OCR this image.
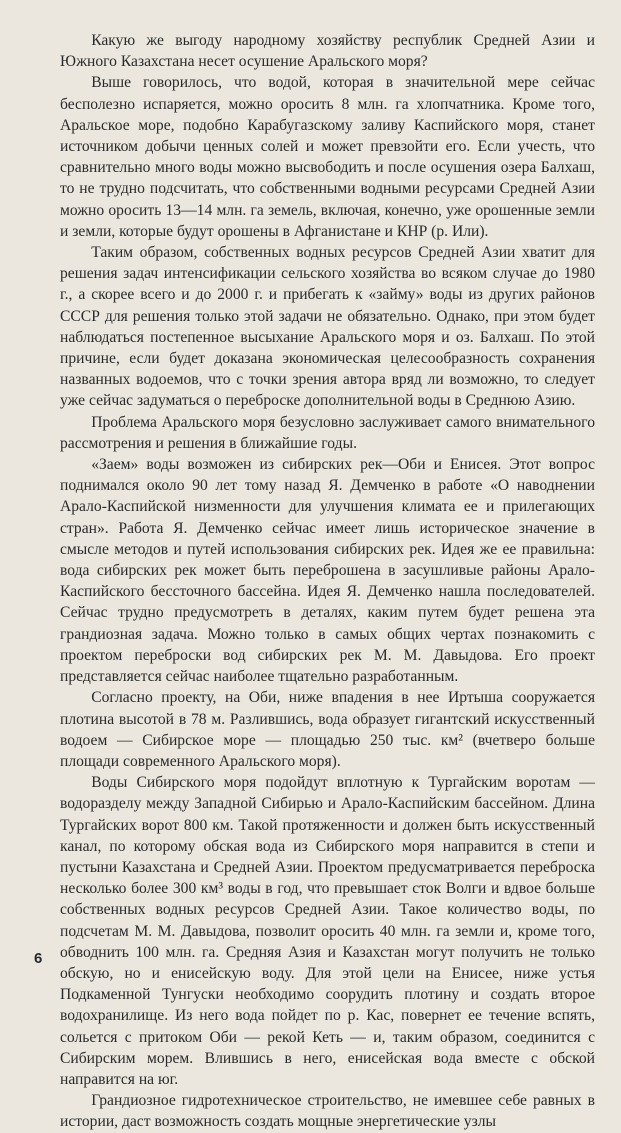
Какую же выгоду народному хозяйству республик Средней Азии и Южного Казахстана несет осушение Аральского моря?

Выше говорилось, что водой, которая в значительной мере сейчас бесполезно испаряется, можно оросить 8 млн. га хлопчатника. Кроме того, Аральское море, подобно Карабугазскому заливу Каспийского моря, станет источником добычи ценных солей и может превзойти его. Если учесть, что сравнительно много воды можно высвободить и после осушения озера Балхаш, то не трудно подсчитать, что собственными водными ресурсами Средней Азии можно оросить 13—14 млн. га земель, включая, конечно, уже орошенные земли и земли, которые будут орошены в Афганистане и КНР (р. Или).

Таким образом, собственных водных ресурсов Средней Азии хватит для решения задач интенсификации сельского хозяйства во всяком случае до 1980 г., а скорее всего и до 2000 г. и прибегать к «займу» воды из других районов СССР для решения только этой задачи не обязательно. Однако, при этом будет наблюдаться постепенное высыхание Аральского моря и оз. Балхаш. По этой причине, если будет доказана экономическая целесообразность сохранения названных водоемов, что с точки зрения автора вряд ли возможно, то следует уже сейчас задуматься о переброске дополнительной воды в Среднюю Азию.

Проблема Аральского моря безусловно заслуживает самого внимательного рассмотрения и решения в ближайшие годы.

«Заем» воды возможен из сибирских рек—Оби и Енисея. Этот вопрос поднимался около 90 лет тому назад Я. Демченко в работе «О наводнении Арало-Каспийской низменности для улучшения климата ее и прилегающих стран». Работа Я. Демченко сейчас имеет лишь историческое значение в смысле методов и путей использования сибирских рек. Идея же ее правильна: вода сибирских рек может быть переброшена в засушливые районы Арало-Каспийского бессточного бассейна. Идея Я. Демченко нашла последователей. Сейчас трудно предусмотреть в деталях, каким путем будет решена эта грандиозная задача. Можно только в самых общих чертах познакомить с проектом переброски вод сибирских рек М. М. Давыдова. Его проект представляется сейчас наиболее тщательно разработанным.

Согласно проекту, на Оби, ниже впадения в нее Иртыша сооружается плотина высотой в 78 м. Разлившись, вода образует гигантский искусственный водоем — Сибирское море — площадью 250 тыс. км² (вчетверо больше площади современного Аральского моря).

Воды Сибирского моря подойдут вплотную к Тургайским воротам — водоразделу между Западной Сибирью и Арало-Каспийским бассейном. Длина Тургайских ворот 800 км. Такой протяженности и должен быть искусственный канал, по которому обская вода из Сибирского моря направится в степи и пустыни Казахстана и Средней Азии. Проектом предусматривается переброска несколько более 300 км³ воды в год, что превышает сток Волги и вдвое больше собственных водных ресурсов Средней Азии. Такое количество воды, по подсчетам М. М. Давыдова, позволит оросить 40 млн. га земли и, кроме того, обводнить 100 млн. га. Средняя Азия и Казахстан могут получить не только обскую, но и енисейскую воду. Для этой цели на Енисее, ниже устья Подкаменной Тунгуски необходимо соорудить плотину и создать второе водохранилище. Из него вода пойдет по р. Кас, повернет ее течение вспять, сольется с притоком Оби — рекой Кеть — и, таким образом, соединится с Сибирским морем. Влившись в него, енисейская вода вместе с обской направится на юг.

Грандиозное гидротехническое строительство, не имевшее себе равных в истории, даст возможность создать мощные энергетические узлы

6
